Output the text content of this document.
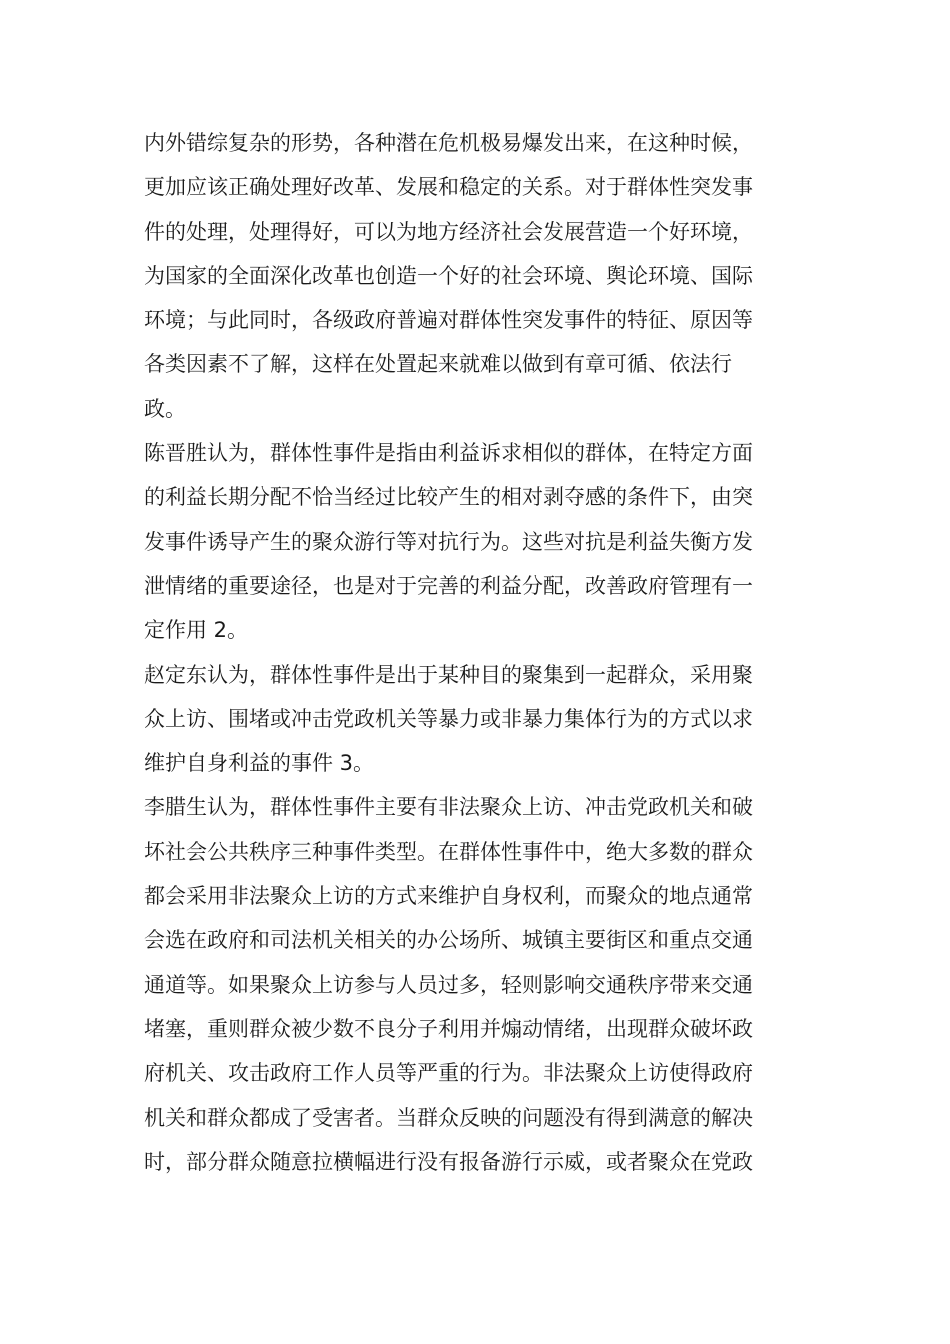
内外错综复杂的形势，各种潜在危机极易爆发出来，在这种时候，
更加应该正确处理好改革、发展和稳定的关系。对于群体性突发事
件的处理，处理得好，可以为地方经济社会发展营造一个好环境，
为国家的全面深化改革也创造一个好的社会环境、舆论环境、国际
环境；与此同时，各级政府普遍对群体性突发事件的特征、原因等
各类因素不了解，这样在处置起来就难以做到有章可循、依法行
政。
陈晋胜认为，群体性事件是指由利益诉求相似的群体，在特定方面
的利益长期分配不恰当经过比较产生的相对剥夺感的条件下，由突
发事件诱导产生的聚众游行等对抗行为。这些对抗是利益失衡方发
泄情绪的重要途径，也是对于完善的利益分配，改善政府管理有一
定作用 2。
赵定东认为，群体性事件是出于某种目的聚集到一起群众，采用聚
众上访、围堵或冲击党政机关等暴力或非暴力集体行为的方式以求
维护自身利益的事件 3。
李腊生认为，群体性事件主要有非法聚众上访、冲击党政机关和破
坏社会公共秩序三种事件类型。在群体性事件中，绝大多数的群众
都会采用非法聚众上访的方式来维护自身权利，而聚众的地点通常
会选在政府和司法机关相关的办公场所、城镇主要街区和重点交通
通道等。如果聚众上访参与人员过多，轻则影响交通秩序带来交通
堵塞，重则群众被少数不良分子利用并煽动情绪，出现群众破坏政
府机关、攻击政府工作人员等严重的行为。非法聚众上访使得政府
机关和群众都成了受害者。当群众反映的问题没有得到满意的解决
时，部分群众随意拉横幅进行没有报备游行示威，或者聚众在党政
